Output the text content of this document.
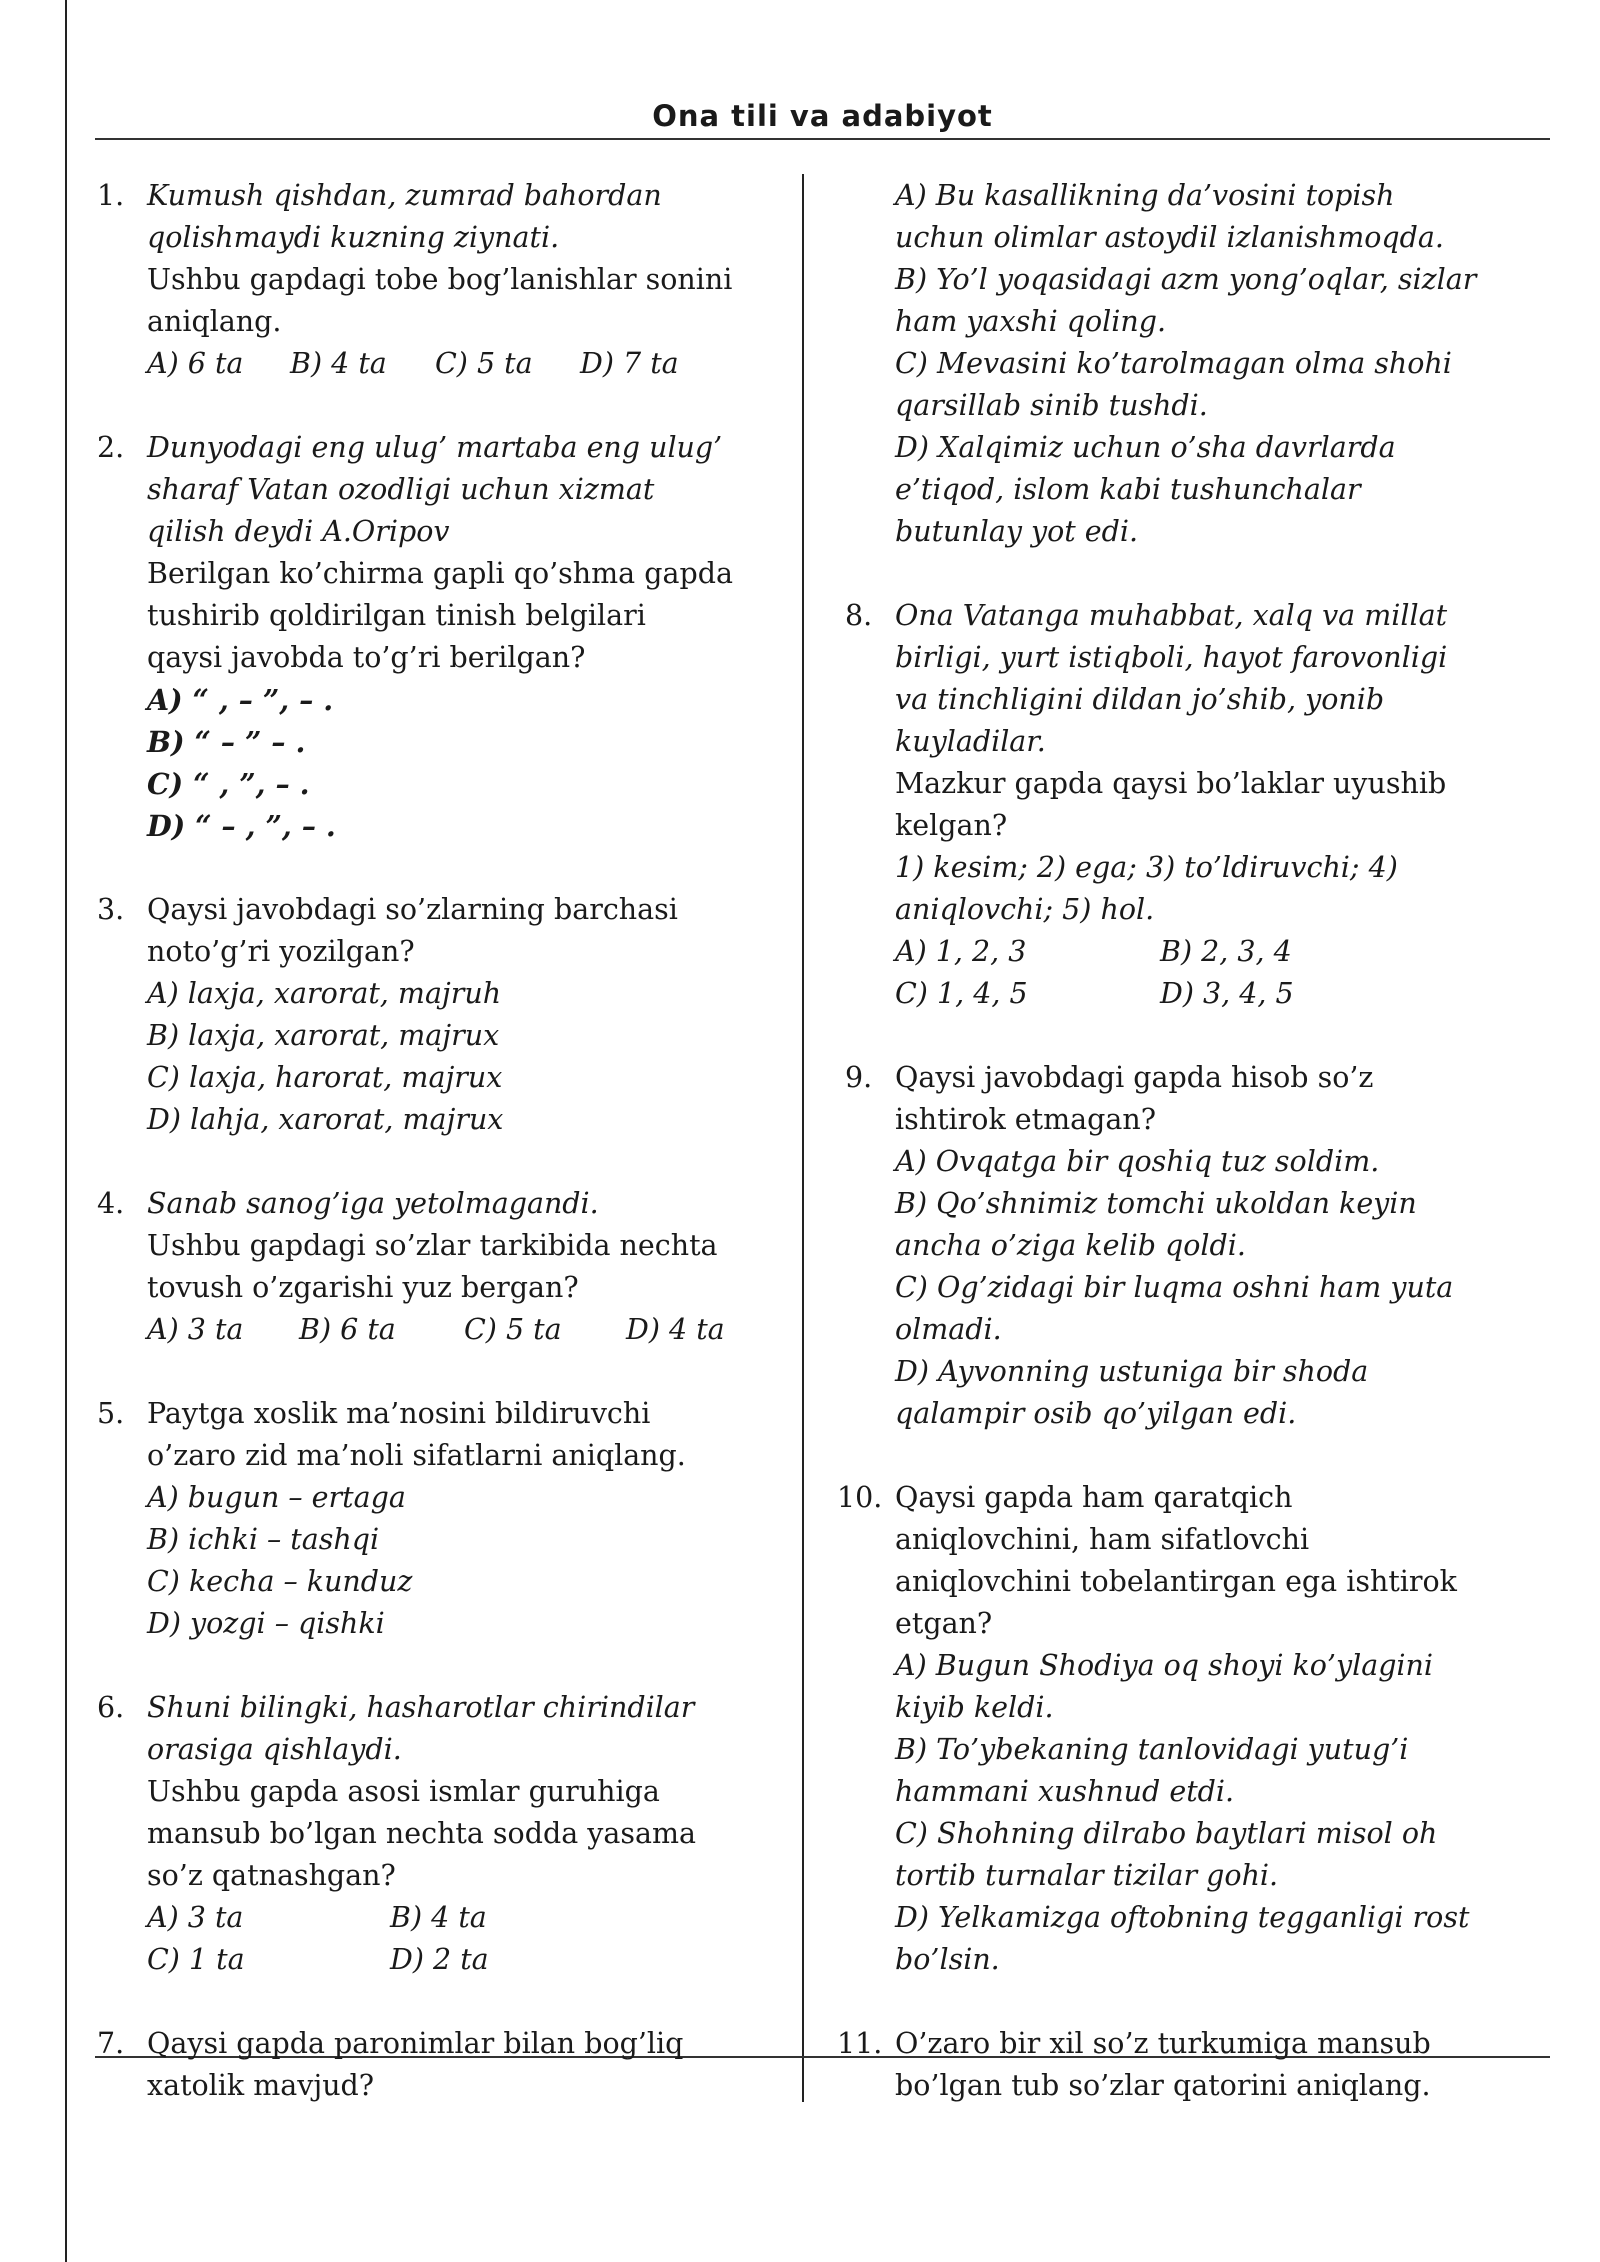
Ona tili va adabiyot
1. Kumush qishdan, zumrad bahordan
qolishmaydi kuzning ziynati.
Ushbu gapdagi tobe bog’lanishlar sonini
aniqlang.
A) 6 ta	B) 4 ta	C) 5 ta	D) 7 ta
2. Dunyodagi eng ulug’ martaba eng ulug’
sharaf Vatan ozodligi uchun xizmat
qilish deydi A.Oripov
Berilgan ko’chirma gapli qo’shma gapda
tushirib qoldirilgan tinish belgilari
qaysi javobda to’g’ri berilgan?
A) “ , – ”, – .
B) “ – ” – .
C) “ , ”, – .
D) “ – , ”, – .
3. Qaysi javobdagi so’zlarning barchasi
noto’g’ri yozilgan?
A) laxja, xarorat, majruh
B) laxja, xarorat, majrux
C) laxja, harorat, majrux
D) lahja, xarorat, majrux
4. Sanab sanog’iga yetolmagandi.
Ushbu gapdagi so’zlar tarkibida nechta
tovush o’zgarishi yuz bergan?
A) 3 ta	B) 6 ta	C) 5 ta	D) 4 ta
5. Paytga xoslik ma’nosini bildiruvchi
o’zaro zid ma’noli sifatlarni aniqlang.
A) bugun – ertaga
B) ichki – tashqi
C) kecha – kunduz
D) yozgi – qishki
6. Shuni bilingki, hasharotlar chirindilar
orasiga qishlaydi.
Ushbu gapda asosi ismlar guruhiga
mansub bo’lgan nechta sodda yasama
so’z qatnashgan?
A) 3 ta	B) 4 ta
C) 1 ta	D) 2 ta
7. Qaysi gapda paronimlar bilan bog’liq
xatolik mavjud?
A) Bu kasallikning da’vosini topish
uchun olimlar astoydil izlanishmoqda.
B) Yo’l yoqasidagi azm yong’oqlar, sizlar
ham yaxshi qoling.
C) Mevasini ko’tarolmagan olma shohi
qarsillab sinib tushdi.
D) Xalqimiz uchun o’sha davrlarda
e’tiqod, islom kabi tushunchalar
butunlay yot edi.
8. Ona Vatanga muhabbat, xalq va millat
birligi, yurt istiqboli, hayot farovonligi
va tinchligini dildan jo’shib, yonib
kuyladilar.
Mazkur gapda qaysi bo’laklar uyushib
kelgan?
1) kesim; 2) ega; 3) to’ldiruvchi; 4)
aniqlovchi; 5) hol.
A) 1, 2, 3	B) 2, 3, 4
C) 1, 4, 5	D) 3, 4, 5
9. Qaysi javobdagi gapda hisob so’z
ishtirok etmagan?
A) Ovqatga bir qoshiq tuz soldim.
B) Qo’shnimiz tomchi ukoldan keyin
ancha o’ziga kelib qoldi.
C) Og’zidagi bir luqma oshni ham yuta
olmadi.
D) Ayvonning ustuniga bir shoda
qalampir osib qo’yilgan edi.
10. Qaysi gapda ham qaratqich
aniqlovchini, ham sifatlovchi
aniqlovchini tobelantirgan ega ishtirok
etgan?
A) Bugun Shodiya oq shoyi ko’ylagini
kiyib keldi.
B) To’ybekaning tanlovidagi yutug’i
hammani xushnud etdi.
C) Shohning dilrabo baytlari misol oh
tortib turnalar tizilar gohi.
D) Yelkamizga oftobning tegganligi rost
bo’lsin.
11. O’zaro bir xil so’z turkumiga mansub
bo’lgan tub so’zlar qatorini aniqlang.
